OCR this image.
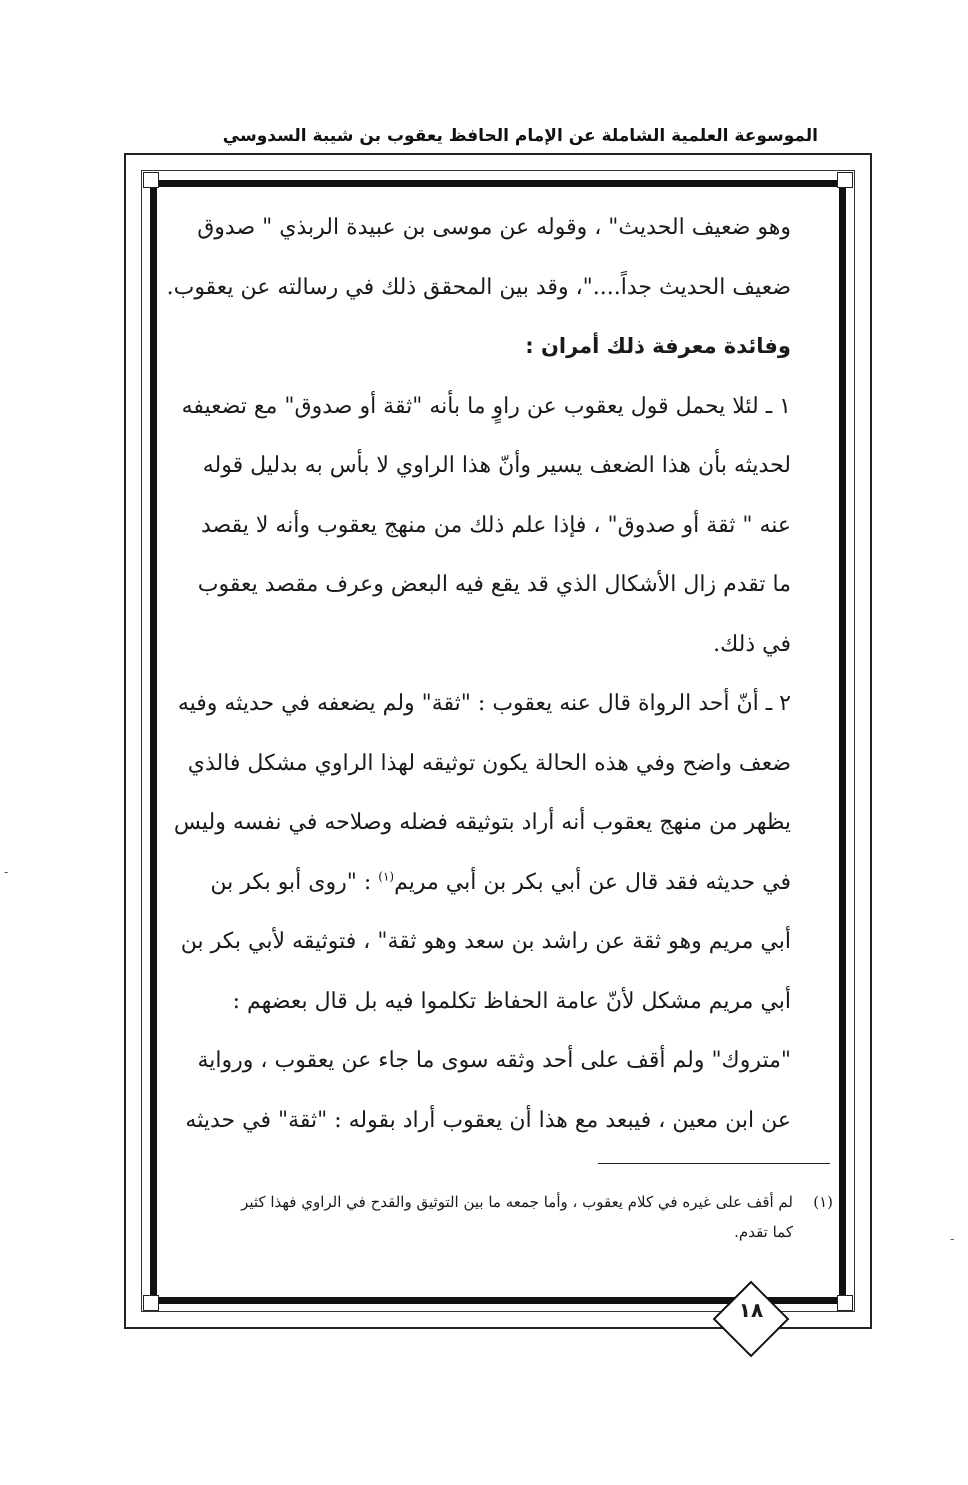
الموسوعة العلمية الشاملة عن الإمام الحافظ يعقوب بن شيبة السدوسي

وهو ضعيف الحديث" ، وقوله عن موسى بن عبيدة الربذي " صدوق

ضعيف الحديث جداً...."، وقد بين المحقق ذلك في رسالته عن يعقوب.

وفائدة معرفة ذلك أمران :

١ ـ لئلا يحمل قول يعقوب عن راوٍ ما بأنه "ثقة أو صدوق" مع تضعيفه

لحديثه بأن هذا الضعف يسير وأنّ هذا الراوي لا بأس به بدليل قوله

عنه " ثقة أو صدوق" ، فإذا علم ذلك من منهج يعقوب وأنه لا يقصد

ما تقدم زال الأشكال الذي قد يقع فيه البعض وعرف مقصد يعقوب

في ذلك.

٢ ـ أنّ أحد الرواة قال عنه يعقوب : "ثقة" ولم يضعفه في حديثه وفيه

ضعف واضح وفي هذه الحالة يكون توثيقه لهذا الراوي مشكل فالذي

يظهر من منهج يعقوب أنه أراد بتوثيقه فضله وصلاحه في نفسه وليس

في حديثه فقد قال عن أبي بكر بن أبي مريم$^{(١)}$ : "روى أبو بكر بن

أبي مريم وهو ثقة عن راشد بن سعد وهو ثقة" ، فتوثيقه لأبي بكر بن

أبي مريم مشكل لأنّ عامة الحفاظ تكلموا فيه بل قال بعضهم :

"متروك" ولم أقف على أحد وثقه سوى ما جاء عن يعقوب ، ورواية

عن ابن معين ، فيبعد مع هذا أن يعقوب أراد بقوله : "ثقة" في حديثه

(١)لم أقف على غيره في كلام يعقوب ، وأما جمعه ما بين التوثيق والقدح في الراوي فهذا كثير
كما تقدم.
١٨
-
-
